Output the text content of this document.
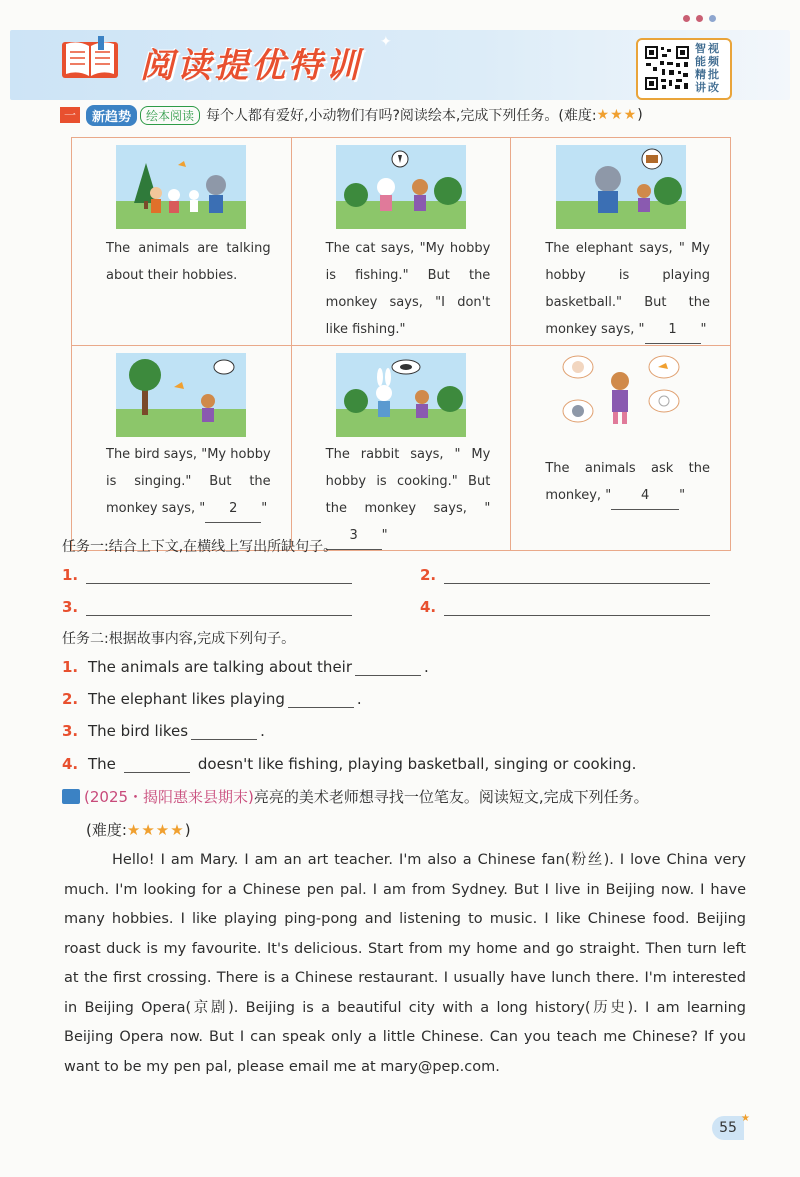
阅读提优特训
✦	智 视
能 频
精 批
讲 改
一	新趋势	绘本阅读 每个人都有爱好,小动物们有吗?阅读绘本,完成下列任务。(难度: ★★★ )
The animals are talking about their hobbies.	The cat says, "My hobby is fishing." But the monkey says, "I don't like fishing."	The elephant says, " My hobby is playing basketball." But the monkey says, " 1 "

The bird says, "My hobby is singing." But the monkey says, " 2 "	The rabbit says, " My hobby is cooking." But the monkey says, "3 "	The animals ask the monkey, " 4 "
任务一:结合上下文,在横线上写出所缺句子。
1.	2.
3.	4.
任务二:根据故事内容,完成下列句子。
1. The animals are talking about their	.
2. The elephant likes playing	.
3. The bird likes	.
4. The	doesn't like fishing, playing basketball, singing or cooking.
(2025・揭阳惠来县期末)亮亮的美术老师想寻找一位笔友。阅读短文,完成下列任务。
(难度:★★★★)
Hello! I am Mary. I am an art teacher. I'm also a Chinese fan(粉丝). I love China very much. I'm looking for a Chinese pen pal. I am from Sydney. But I live in Beijing now. I have many hobbies. I like playing ping-pong and listening to music. I like Chinese food. Beijing roast duck is my favourite. It's delicious. Start from my home and go straight. Then turn left at the first crossing. There is a Chinese restaurant. I usually have lunch there. I'm interested in Beijing Opera(京剧). Beijing is a beautiful city with a long history(历史). I am learning Beijing Opera now. But I can speak only a little Chinese. Can you teach me Chinese? If you want to be my pen pal, please email me at mary@pep.com.
55
★
